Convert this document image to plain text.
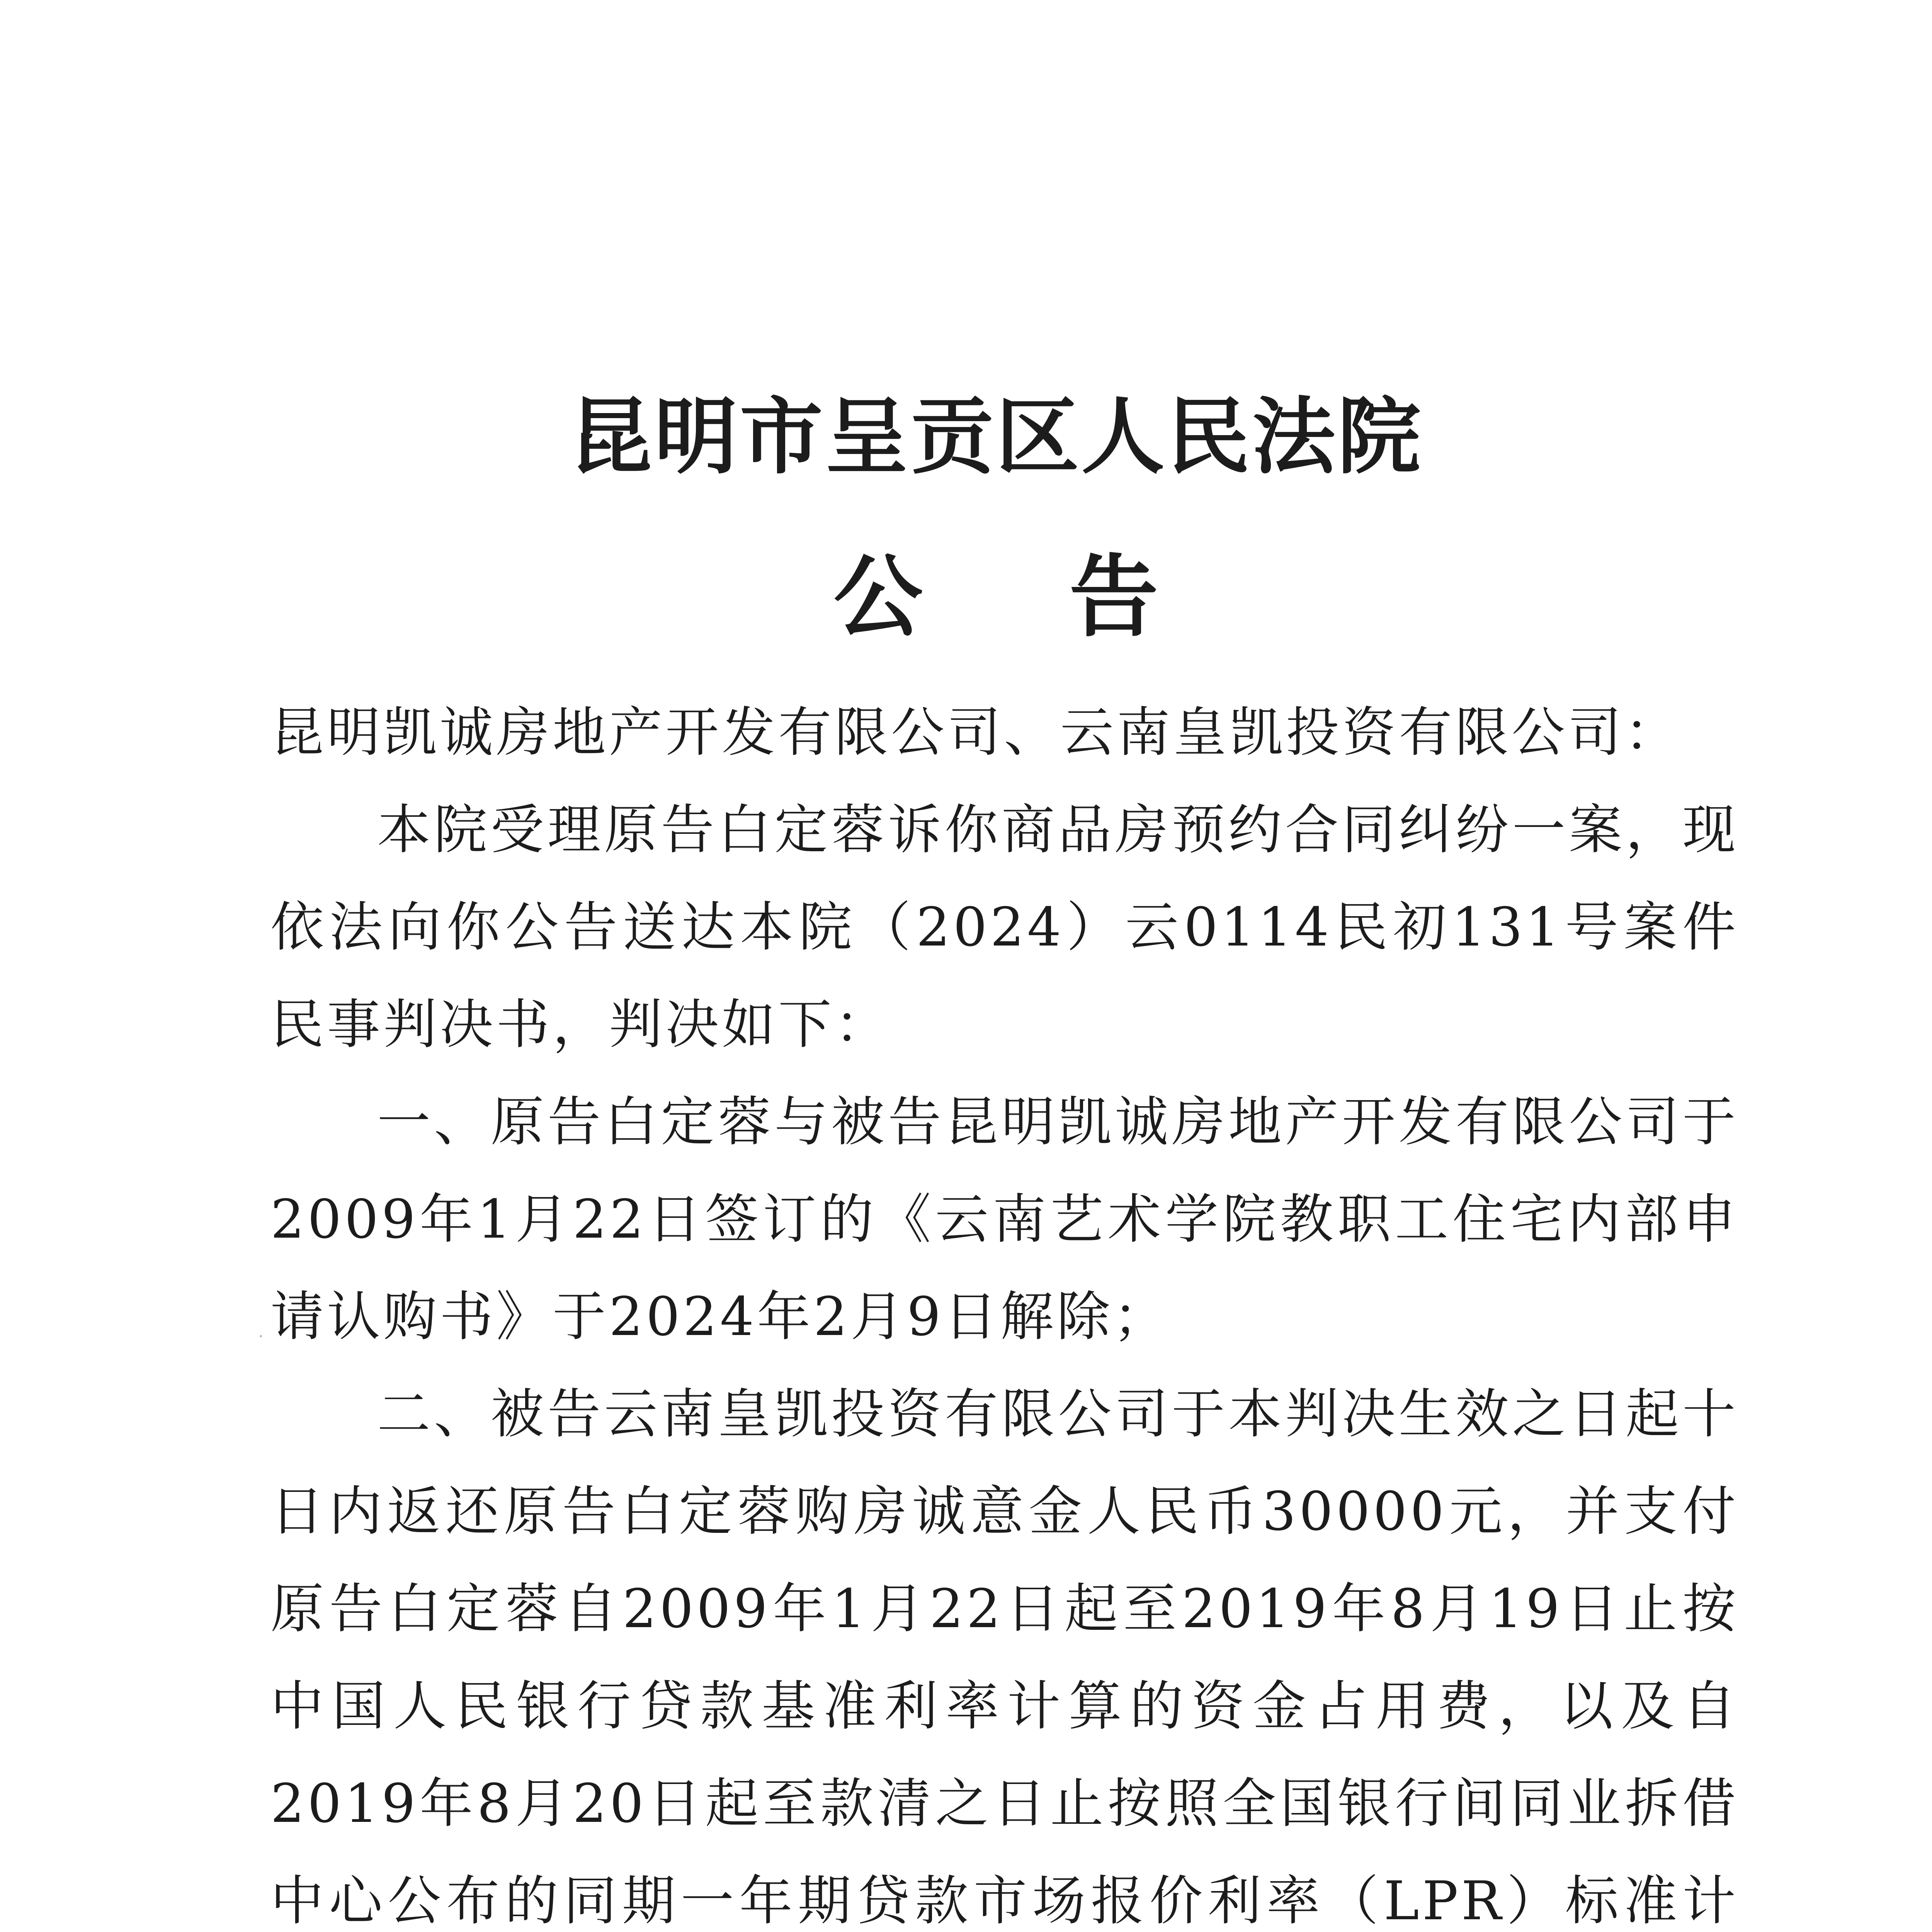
昆明市呈贡区人民法院
公告

昆明凯诚房地产开发有限公司、云南皇凯投资有限公司：

本院受理原告白定蓉诉你商品房预约合同纠纷一案，现依法向你公告送达本院（2024）云0114民初131号案件民事判决书，判决如下：

一、原告白定蓉与被告昆明凯诚房地产开发有限公司于2009年1月22日签订的《云南艺术学院教职工住宅内部申请认购书》于2024年2月9日解除；

二、被告云南皇凯投资有限公司于本判决生效之日起十日内返还原告白定蓉购房诚意金人民币30000元，并支付原告白定蓉自2009年1月22日起至2019年8月19日止按中国人民银行贷款基准利率计算的资金占用费，以及自2019年8月20日起至款清之日止按照全国银行间同业拆借中心公布的同期一年期贷款市场报价利率（LPR）标准计
